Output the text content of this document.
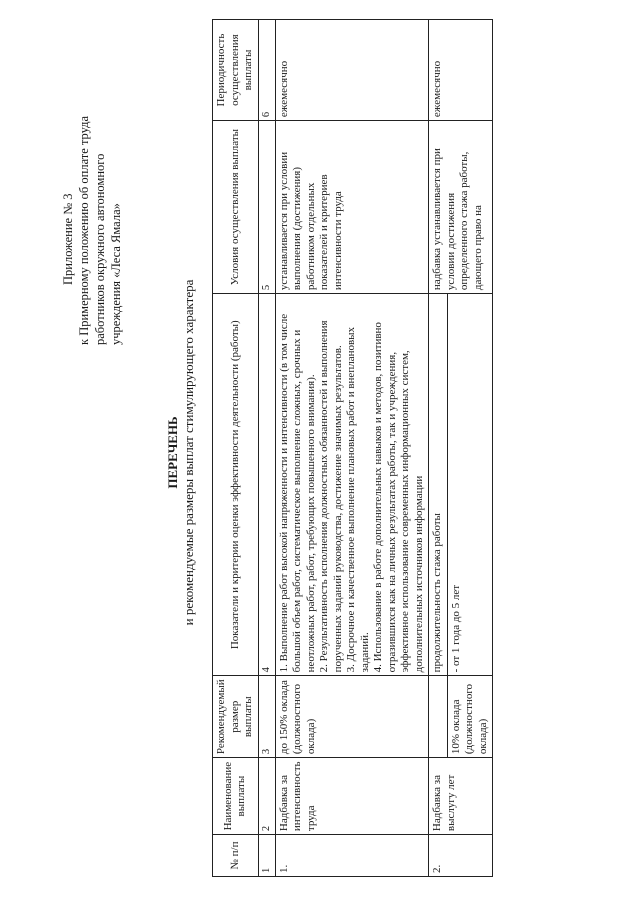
Приложение № 3 к Примерному положению об оплате труда работников окружного автономного учреждения «Леса Ямала»
ПЕРЕЧЕНЬ и рекомендуемые размеры выплат стимулирующего характера
№ п/п	Наименование выплаты	Рекомендуемый размер выплаты	Показатели и критерии оценки эффективности деятельности (работы)	Условия осуществления выплаты	Периодичность осуществления выплаты
1	2	3	4	5	6
1.	Надбавка за интенсивность труда	до 150% оклада (должностного оклада)	1. Выполнение работ высокой напряженности и интенсивности (в том числе большой объем работ, систематическое выполнение сложных, срочных и неотложных работ, работ, требующих повышенного внимания). 2. Результативность исполнения должностных обязанностей и выполнения порученных заданий руководства, достижение значимых результатов. 3. Досрочное и качественное выполнение плановых работ и внеплановых заданий. 4. Использование в работе дополнительных навыков и методов, позитивно отразившихся как на личных результатах работы, так и учреждения, эффективное использование современных информационных систем, дополнительных источников информации	устанавливается при условии выполнения (достижения) работником отдельных показателей и критериев интенсивности труда	ежемесячно
2.	Надбавка за выслугу лет		продолжительность стажа работы	надбавка устанавливается при условии достижения определенного стажа работы, дающего право на	ежемесячно
		10% оклада (должностного оклада)	- от 1 года до 5 лет		
